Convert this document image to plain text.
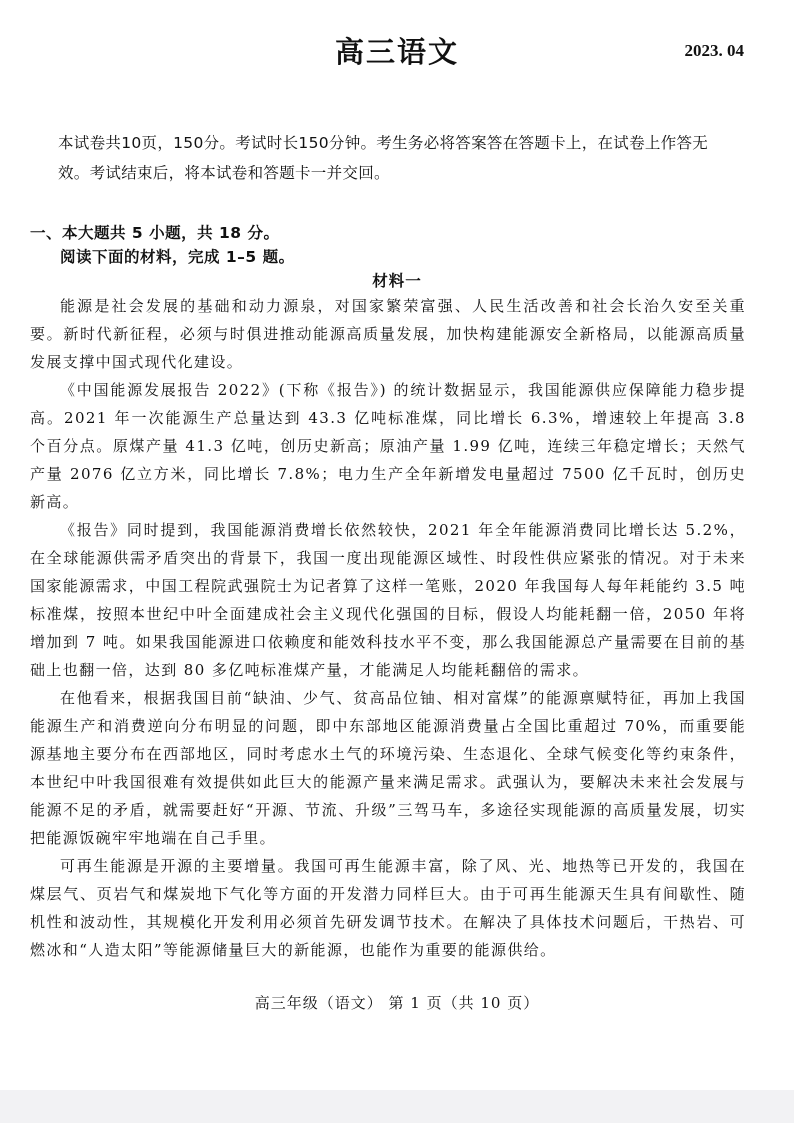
高三语文	2023. 04

本试卷共10页，150分。考试时长150分钟。考生务必将答案答在答题卡上，在试卷上作答无效。考试结束后，将本试卷和答题卡一并交回。

一、本大题共 5 小题，共 18 分。
阅读下面的材料，完成 1–5 题。
材料一

能源是社会发展的基础和动力源泉，对国家繁荣富强、人民生活改善和社会长治久安至关重要。新时代新征程，必须与时俱进推动能源高质量发展，加快构建能源安全新格局，以能源高质量发展支撑中国式现代化建设。

《中国能源发展报告 2022》(下称《报告》) 的统计数据显示，我国能源供应保障能力稳步提高。2021 年一次能源生产总量达到 43.3 亿吨标准煤，同比增长 6.3%，增速较上年提高 3.8 个百分点。原煤产量 41.3 亿吨，创历史新高；原油产量 1.99 亿吨，连续三年稳定增长；天然气产量 2076 亿立方米，同比增长 7.8%；电力生产全年新增发电量超过 7500 亿千瓦时，创历史新高。

《报告》同时提到，我国能源消费增长依然较快，2021 年全年能源消费同比增长达 5.2%，在全球能源供需矛盾突出的背景下，我国一度出现能源区域性、时段性供应紧张的情况。对于未来国家能源需求，中国工程院武强院士为记者算了这样一笔账，2020 年我国每人每年耗能约 3.5 吨标准煤，按照本世纪中叶全面建成社会主义现代化强国的目标，假设人均能耗翻一倍，2050 年将增加到 7 吨。如果我国能源进口依赖度和能效科技水平不变，那么我国能源总产量需要在目前的基础上也翻一倍，达到 80 多亿吨标准煤产量，才能满足人均能耗翻倍的需求。

在他看来，根据我国目前“缺油、少气、贫高品位铀、相对富煤”的能源禀赋特征，再加上我国能源生产和消费逆向分布明显的问题，即中东部地区能源消费量占全国比重超过 70%，而重要能源基地主要分布在西部地区，同时考虑水土气的环境污染、生态退化、全球气候变化等约束条件，本世纪中叶我国很难有效提供如此巨大的能源产量来满足需求。武强认为，要解决未来社会发展与能源不足的矛盾，就需要赶好“开源、节流、升级”三驾马车，多途径实现能源的高质量发展，切实把能源饭碗牢牢地端在自己手里。

可再生能源是开源的主要增量。我国可再生能源丰富，除了风、光、地热等已开发的，我国在煤层气、页岩气和煤炭地下气化等方面的开发潜力同样巨大。由于可再生能源天生具有间歇性、随机性和波动性，其规模化开发利用必须首先研发调节技术。在解决了具体技术问题后，干热岩、可燃冰和“人造太阳”等能源储量巨大的新能源，也能作为重要的能源供给。

高三年级（语文） 第 1 页（共 10 页）
